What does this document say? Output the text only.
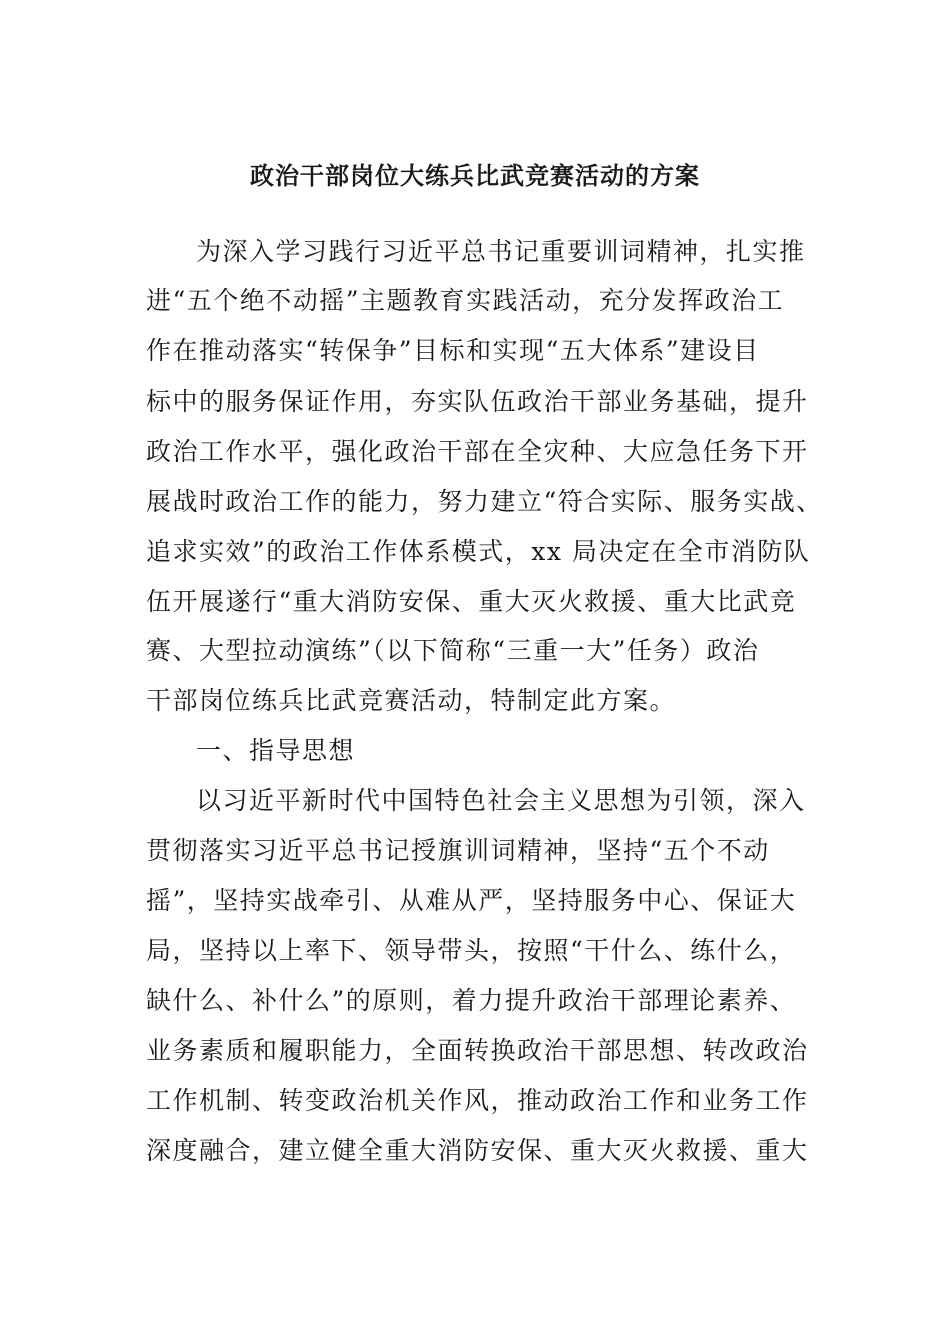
政治干部岗位大练兵比武竞赛活动的方案
为深入学习践行习近平总书记重要训词精神，扎实推
进“五个绝不动摇”主题教育实践活动，充分发挥政治工
作在推动落实“转保争”目标和实现“五大体系”建设目
标中的服务保证作用，夯实队伍政治干部业务基础，提升
政治工作水平，强化政治干部在全灾种、大应急任务下开
展战时政治工作的能力，努力建立“符合实际、服务实战、
追求实效”的政治工作体系模式，xx 局决定在全市消防队
伍开展遂行“重大消防安保、重大灭火救援、重大比武竞
赛、大型拉动演练”（以下简称“三重一大”任务）政治
干部岗位练兵比武竞赛活动，特制定此方案。
一、指导思想
以习近平新时代中国特色社会主义思想为引领，深入
贯彻落实习近平总书记授旗训词精神，坚持“五个不动
摇”，坚持实战牵引、从难从严，坚持服务中心、保证大
局，坚持以上率下、领导带头，按照“干什么、练什么，
缺什么、补什么”的原则，着力提升政治干部理论素养、
业务素质和履职能力，全面转换政治干部思想、转改政治
工作机制、转变政治机关作风，推动政治工作和业务工作
深度融合，建立健全重大消防安保、重大灭火救援、重大
